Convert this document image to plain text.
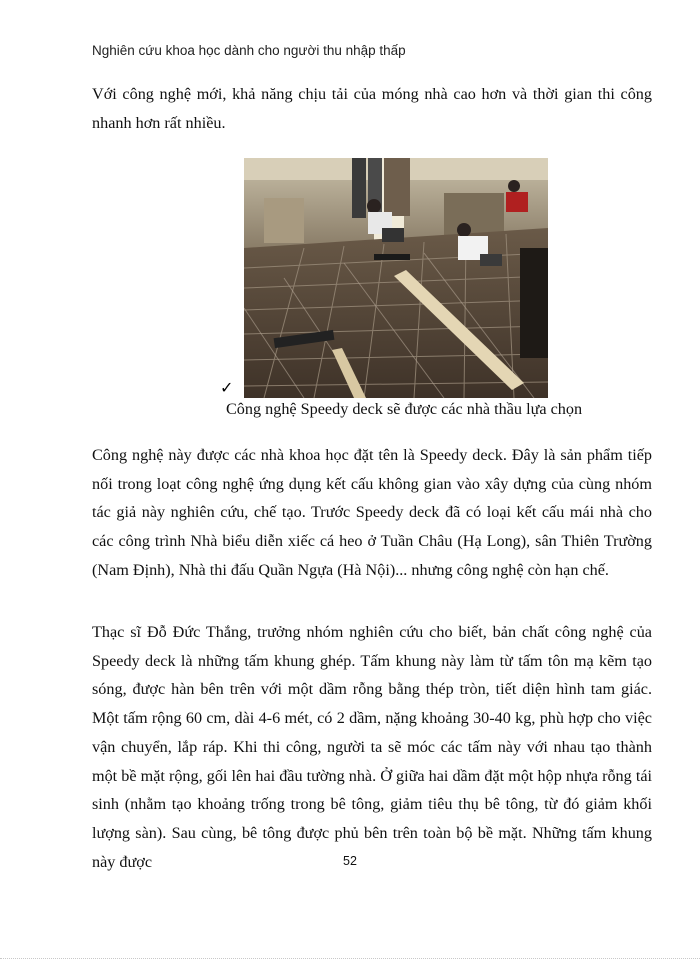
Nghiên cứu khoa học dành cho người thu nhập thấp

Với công nghệ mới, khả năng chịu tải của móng nhà cao hơn và thời gian thi công nhanh hơn rất nhiều.

✓
Công nghệ Speedy deck sẽ được các nhà thầu lựa chọn

Công nghệ này được các nhà khoa học đặt tên là Speedy deck. Đây là sản phẩm tiếp nối trong loạt công nghệ ứng dụng kết cấu không gian vào xây dựng của cùng nhóm tác giả này nghiên cứu, chế tạo. Trước Speedy deck đã có loại kết cấu mái nhà cho các công trình Nhà biểu diễn xiếc cá heo ở Tuần Châu (Hạ Long), sân Thiên Trường (Nam Định), Nhà thi đấu Quần Ngựa (Hà Nội)... nhưng công nghệ còn hạn chế.

Thạc sĩ Đỗ Đức Thắng, trưởng nhóm nghiên cứu cho biết, bản chất công nghệ của Speedy deck là những tấm khung ghép. Tấm khung này làm từ tấm tôn mạ kẽm tạo sóng, được hàn bên trên với một dầm rỗng bằng thép tròn, tiết diện hình tam giác. Một tấm rộng 60 cm, dài 4-6 mét, có 2 dầm, nặng khoảng 30-40 kg, phù hợp cho việc vận chuyển, lắp ráp. Khi thi công, người ta sẽ móc các tấm này với nhau tạo thành một bề mặt rộng, gối lên hai đầu tường nhà. Ở giữa hai dầm đặt một hộp nhựa rỗng tái sinh (nhằm tạo khoảng trống trong bê tông, giảm tiêu thụ bê tông, từ đó giảm khối lượng sàn). Sau cùng, bê tông được phủ bên trên toàn bộ bề mặt. Những tấm khung này được	52
